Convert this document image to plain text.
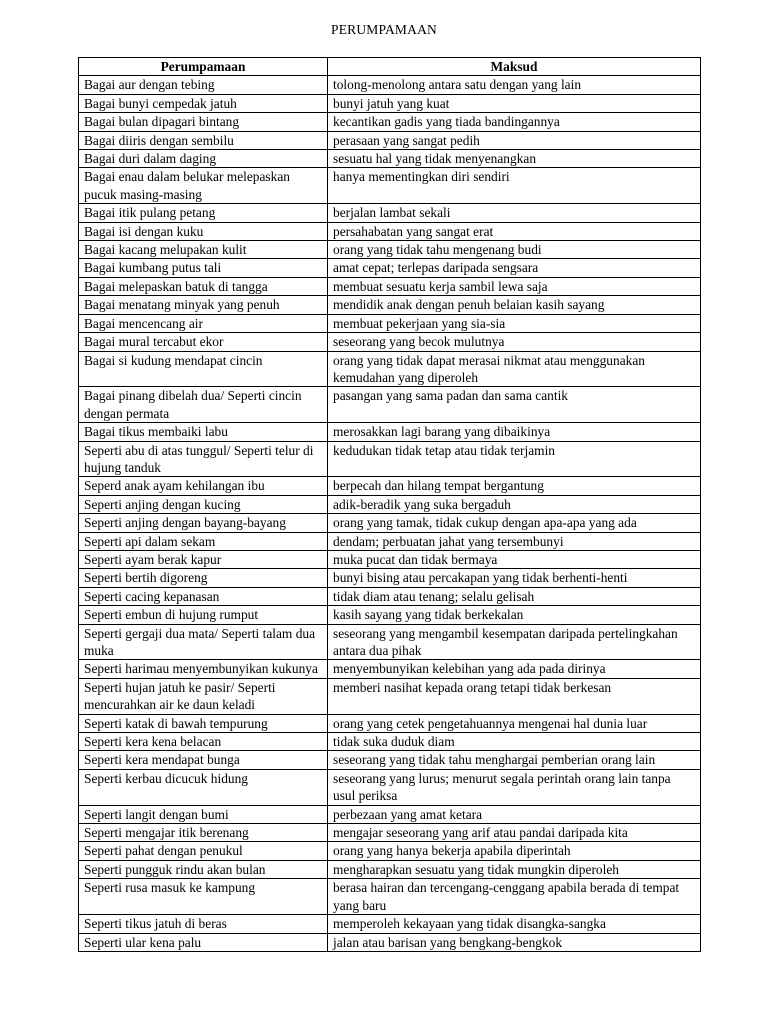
PERUMPAMAAN
Perumpamaan	Maksud
Bagai aur dengan tebing	tolong-menolong antara satu dengan yang lain
Bagai bunyi cempedak jatuh	bunyi jatuh yang kuat
Bagai bulan dipagari bintang	kecantikan gadis yang tiada bandingannya
Bagai diiris dengan sembilu	perasaan yang sangat pedih
Bagai duri dalam daging	sesuatu hal yang tidak menyenangkan
Bagai enau dalam belukar melepaskan pucuk masing-masing	hanya mementingkan diri sendiri
Bagai itik pulang petang	berjalan lambat sekali
Bagai isi dengan kuku	persahabatan yang sangat erat
Bagai kacang melupakan kulit	orang yang tidak tahu mengenang budi
Bagai kumbang putus tali	amat cepat; terlepas daripada sengsara
Bagai melepaskan batuk di tangga	membuat sesuatu kerja sambil lewa saja
Bagai menatang minyak yang penuh	mendidik anak dengan penuh belaian kasih sayang
Bagai mencencang air	membuat pekerjaan yang sia-sia
Bagai mural tercabut ekor	seseorang yang becok mulutnya
Bagai si kudung mendapat cincin	orang yang tidak dapat merasai nikmat atau menggunakan kemudahan yang diperoleh
Bagai pinang dibelah dua/ Seperti cincin dengan permata	pasangan yang sama padan dan sama cantik
Bagai tikus membaiki labu	merosakkan lagi barang yang dibaikinya
Seperti abu di atas tunggul/ Seperti telur di hujung tanduk	kedudukan tidak tetap atau tidak terjamin
Seperd anak ayam kehilangan ibu	berpecah dan hilang tempat bergantung
Seperti anjing dengan kucing	adik-beradik yang suka bergaduh
Seperti anjing dengan bayang-bayang	orang yang tamak, tidak cukup dengan apa-apa yang ada
Seperti api dalam sekam	dendam; perbuatan jahat yang tersembunyi
Seperti ayam berak kapur	muka pucat dan tidak bermaya
Seperti bertih digoreng	bunyi bising atau percakapan yang tidak berhenti-henti
Seperti cacing kepanasan	tidak diam atau tenang; selalu gelisah
Seperti embun di hujung rumput	kasih sayang yang tidak berkekalan
Seperti gergaji dua mata/ Seperti talam dua muka	seseorang yang mengambil kesempatan daripada pertelingkahan antara dua pihak
Seperti harimau menyembunyikan kukunya	menyembunyikan kelebihan yang ada pada dirinya
Seperti hujan jatuh ke pasir/ Seperti mencurahkan air ke daun keladi	memberi nasihat kepada orang tetapi tidak berkesan
Seperti katak di bawah tempurung	orang yang cetek pengetahuannya mengenai hal dunia luar
Seperti kera kena belacan	tidak suka duduk diam
Seperti kera mendapat bunga	seseorang yang tidak tahu menghargai pemberian orang lain
Seperti kerbau dicucuk hidung	seseorang yang lurus; menurut segala perintah orang lain tanpa usul periksa
Seperti langit dengan bumi	perbezaan yang amat ketara
Seperti mengajar itik berenang	mengajar seseorang yang arif atau pandai daripada kita
Seperti pahat dengan penukul	orang yang hanya bekerja apabila diperintah
Seperti pungguk rindu akan bulan	mengharapkan sesuatu yang tidak mungkin diperoleh
Seperti rusa masuk ke kampung	berasa hairan dan tercengang-cenggang apabila berada di tempat yang baru
Seperti tikus jatuh di beras	memperoleh kekayaan yang tidak disangka-sangka
Seperti ular kena palu	jalan atau barisan yang bengkang-bengkok
